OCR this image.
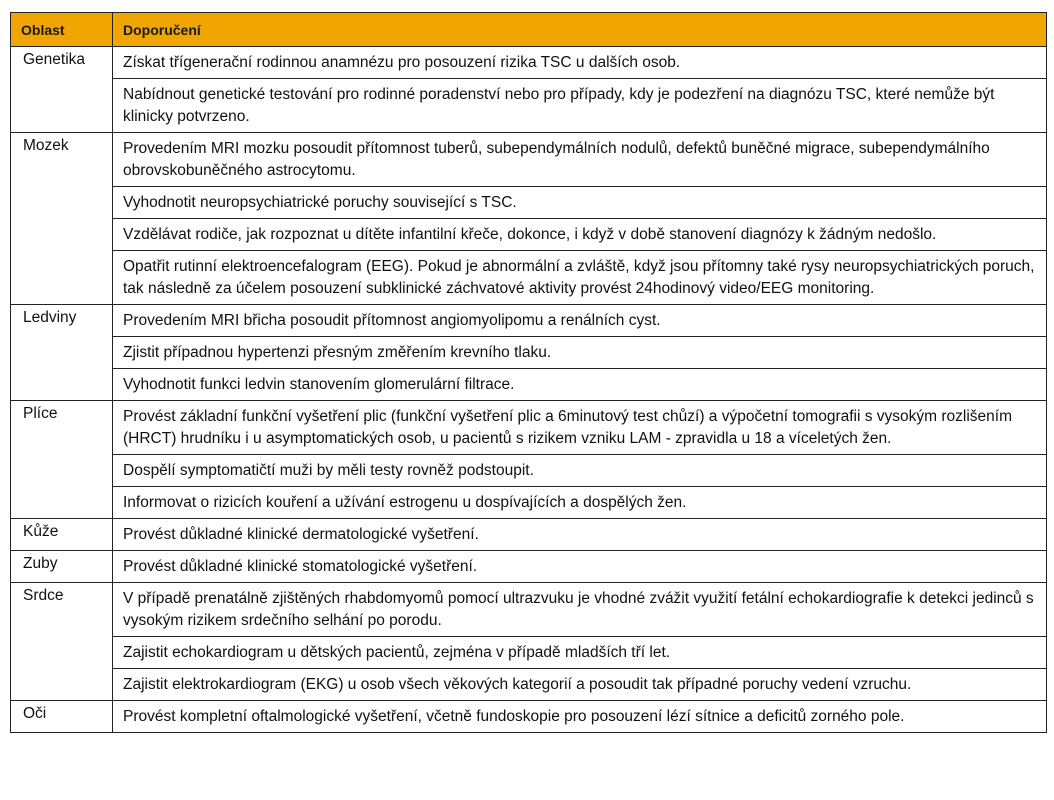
Oblast	Doporučení
Genetika	Získat třígenerační rodinnou anamnézu pro posouzení rizika TSC u dalších osob.
	Nabídnout genetické testování pro rodinné poradenství nebo pro případy, kdy je podezření na diagnózu TSC, které nemůže být klinicky potvrzeno.
Mozek	Provedením MRI mozku posoudit přítomnost tuberů, subependymálních nodulů, defektů buněčné migrace, subependymálního obrovskobuněčného astrocytomu.
	Vyhodnotit neuropsychiatrické poruchy související s TSC.
	Vzdělávat rodiče, jak rozpoznat u dítěte infantilní křeče, dokonce, i když v době stanovení diagnózy k žádným nedošlo.
	Opatřit rutinní elektroencefalogram (EEG). Pokud je abnormální a zvláště, když jsou přítomny také rysy neuropsychiatrických poruch, tak následně za účelem posouzení subklinické záchvatové aktivity provést 24hodinový video/EEG monitoring.
Ledviny	Provedením MRI břicha posoudit přítomnost angiomyolipomu a renálních cyst.
	Zjistit případnou hypertenzi přesným změřením krevního tlaku.
	Vyhodnotit funkci ledvin stanovením glomerulární filtrace.
Plíce	Provést základní funkční vyšetření plic (funkční vyšetření plic a 6minutový test chůzí) a výpočetní tomografii s vysokým rozlišením (HRCT) hrudníku i u asymptomatických osob, u pacientů s rizikem vzniku LAM - zpravidla u 18 a víceletých žen.
	Dospělí symptomatičtí muži by měli testy rovněž podstoupit.
	Informovat o rizicích kouření a užívání estrogenu u dospívajících a dospělých žen.
Kůže	Provést důkladné klinické dermatologické vyšetření.
Zuby	Provést důkladné klinické stomatologické vyšetření.
Srdce	V případě prenatálně zjištěných rhabdomyomů pomocí ultrazvuku je vhodné zvážit využití fetální echokardiografie k detekci jedinců s vysokým rizikem srdečního selhání po porodu.
	Zajistit echokardiogram u dětských pacientů, zejména v případě mladších tří let.
	Zajistit elektrokardiogram (EKG) u osob všech věkových kategorií a posoudit tak případné poruchy vedení vzruchu.
Oči	Provést kompletní oftalmologické vyšetření, včetně fundoskopie pro posouzení lézí sítnice a deficitů zorného pole.
